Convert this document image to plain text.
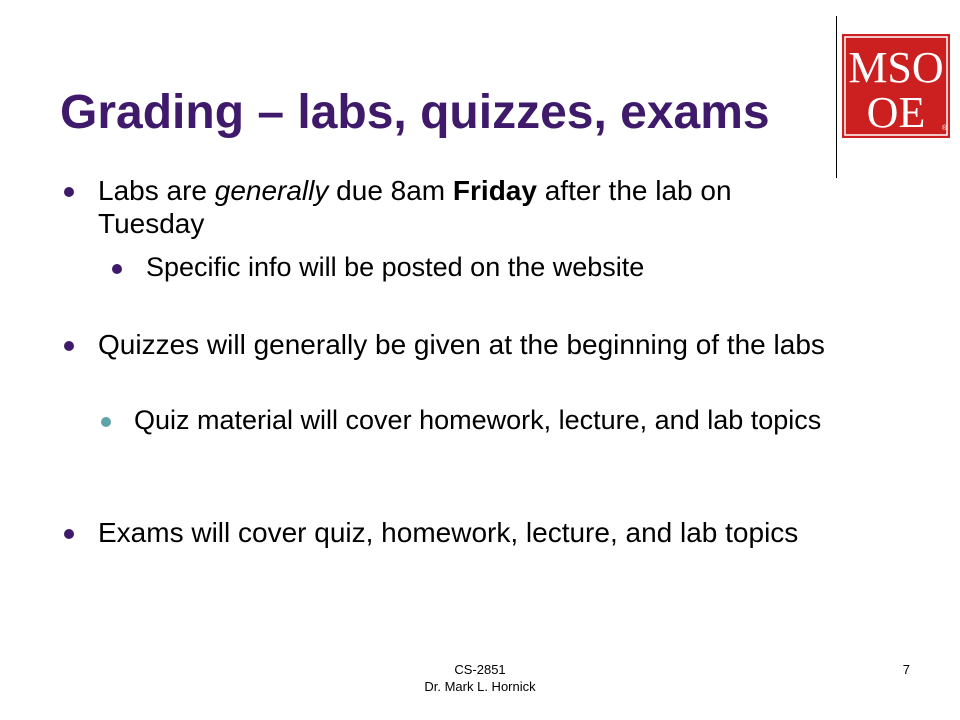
MSO
OE ®
Grading – labs, quizzes, exams
Labs are generally due 8am Friday after the lab on Tuesday
Specific info will be posted on the website
Quizzes will generally be given at the beginning of the labs
Quiz material will cover homework, lecture, and lab topics
Exams will cover quiz, homework, lecture, and lab topics
CS-2851
Dr. Mark L. Hornick
7
